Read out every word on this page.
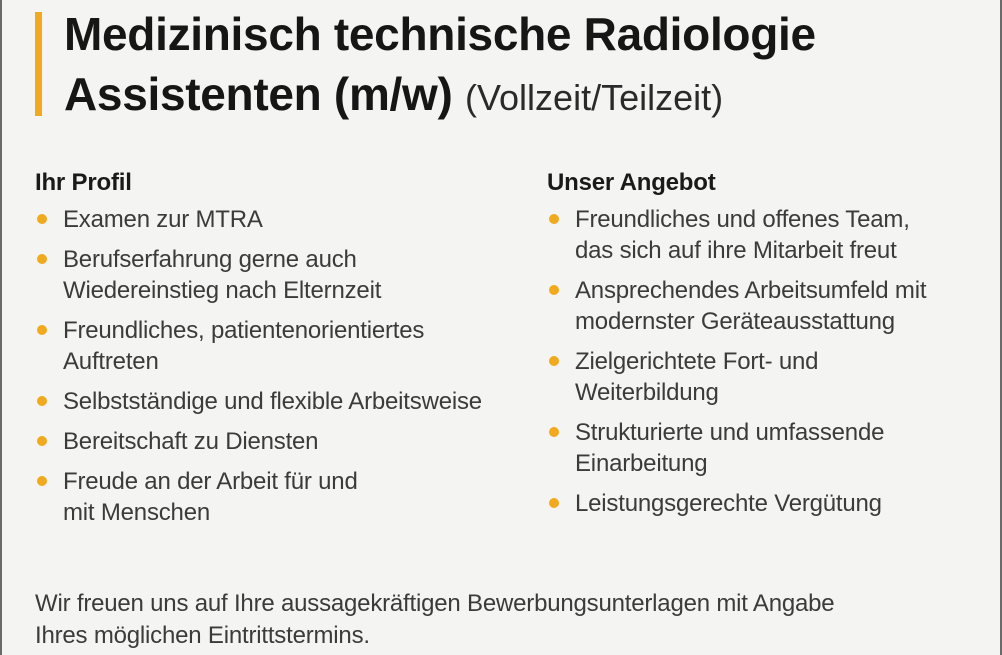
Medizinisch technische Radiologie
Assistenten (m/w) (Vollzeit/Teilzeit)
Ihr Profil
Examen zur MTRA
Berufserfahrung gerne auch
Wiedereinstieg nach Elternzeit
Freundliches, patientenorientiertes
Auftreten
Selbstständige und flexible Arbeitsweise
Bereitschaft zu Diensten
Freude an der Arbeit für und
mit Menschen
Unser Angebot
Freundliches und offenes Team,
das sich auf ihre Mitarbeit freut
Ansprechendes Arbeitsumfeld mit
modernster Geräteausstattung
Zielgerichtete Fort- und
Weiterbildung
Strukturierte und umfassende
Einarbeitung
Leistungsgerechte Vergütung

Wir freuen uns auf Ihre aussagekräftigen Bewerbungsunterlagen mit Angabe
Ihres möglichen Eintrittstermins.
